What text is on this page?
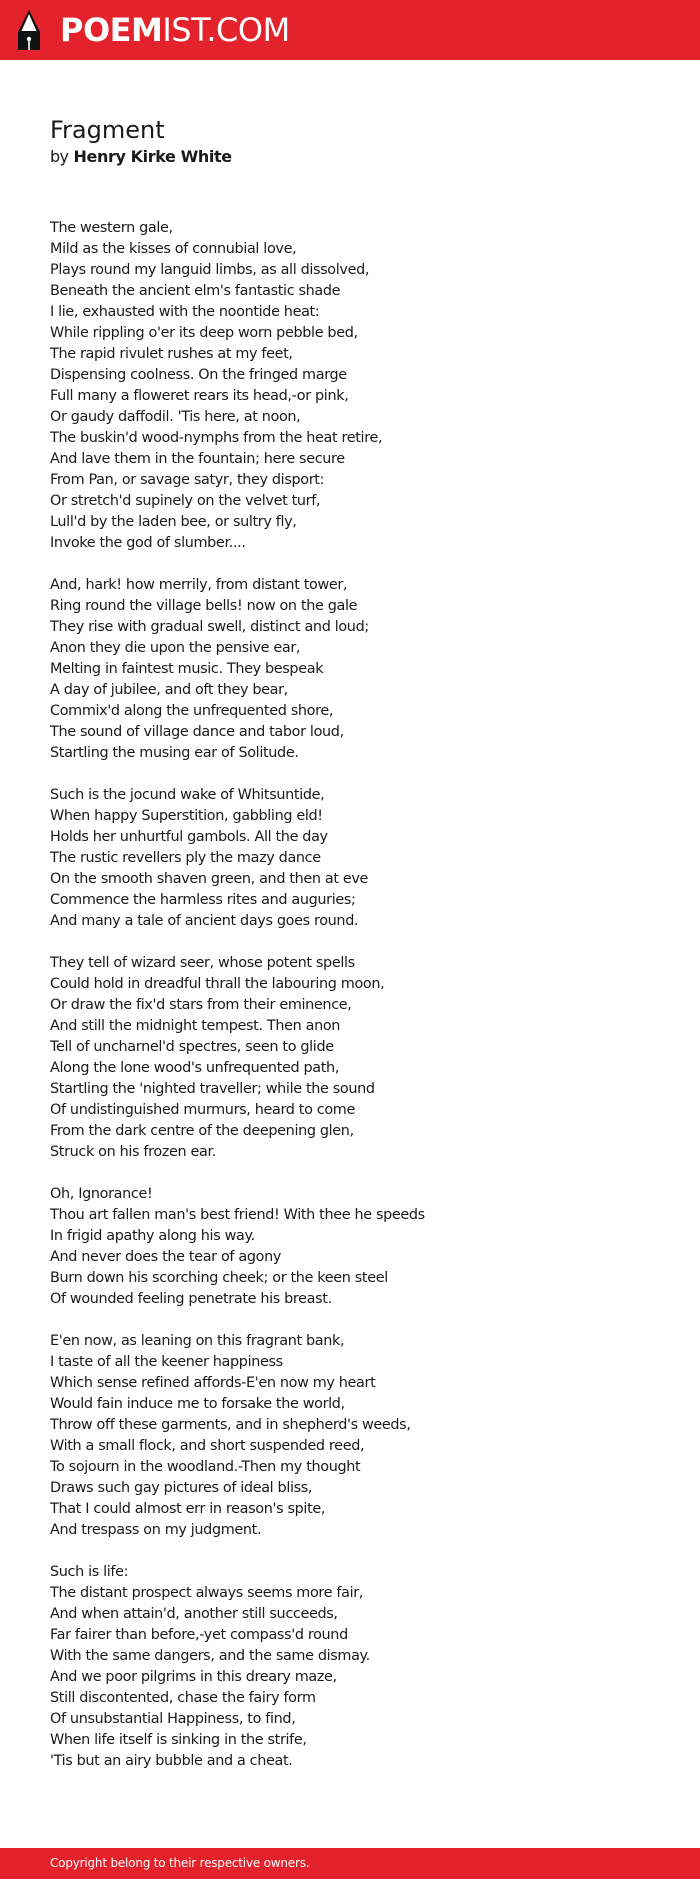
POEMIST.COM
Fragment

by Henry Kirke White

The western gale,
Mild as the kisses of connubial love,
Plays round my languid limbs, as all dissolved,
Beneath the ancient elm's fantastic shade
I lie, exhausted with the noontide heat:
While rippling o'er its deep worn pebble bed,
The rapid rivulet rushes at my feet,
Dispensing coolness. On the fringed marge
Full many a floweret rears its head,-or pink,
Or gaudy daffodil. 'Tis here, at noon,
The buskin'd wood-nymphs from the heat retire,
And lave them in the fountain; here secure
From Pan, or savage satyr, they disport:
Or stretch'd supinely on the velvet turf,
Lull'd by the laden bee, or sultry fly,
Invoke the god of slumber....
And, hark! how merrily, from distant tower,
Ring round the village bells! now on the gale
They rise with gradual swell, distinct and loud;
Anon they die upon the pensive ear,
Melting in faintest music. They bespeak
A day of jubilee, and oft they bear,
Commix'd along the unfrequented shore,
The sound of village dance and tabor loud,
Startling the musing ear of Solitude.
Such is the jocund wake of Whitsuntide,
When happy Superstition, gabbling eld!
Holds her unhurtful gambols. All the day
The rustic revellers ply the mazy dance
On the smooth shaven green, and then at eve
Commence the harmless rites and auguries;
And many a tale of ancient days goes round.
They tell of wizard seer, whose potent spells
Could hold in dreadful thrall the labouring moon,
Or draw the fix'd stars from their eminence,
And still the midnight tempest. Then anon
Tell of uncharnel'd spectres, seen to glide
Along the lone wood's unfrequented path,
Startling the 'nighted traveller; while the sound
Of undistinguished murmurs, heard to come
From the dark centre of the deepening glen,
Struck on his frozen ear.
Oh, Ignorance!
Thou art fallen man's best friend! With thee he speeds
In frigid apathy along his way.
And never does the tear of agony
Burn down his scorching cheek; or the keen steel
Of wounded feeling penetrate his breast.
E'en now, as leaning on this fragrant bank,
I taste of all the keener happiness
Which sense refined affords-E'en now my heart
Would fain induce me to forsake the world,
Throw off these garments, and in shepherd's weeds,
With a small flock, and short suspended reed,
To sojourn in the woodland.-Then my thought
Draws such gay pictures of ideal bliss,
That I could almost err in reason's spite,
And trespass on my judgment.
Such is life:
The distant prospect always seems more fair,
And when attain'd, another still succeeds,
Far fairer than before,-yet compass'd round
With the same dangers, and the same dismay.
And we poor pilgrims in this dreary maze,
Still discontented, chase the fairy form
Of unsubstantial Happiness, to find,
When life itself is sinking in the strife,
'Tis but an airy bubble and a cheat.
Copyright belong to their respective owners.
